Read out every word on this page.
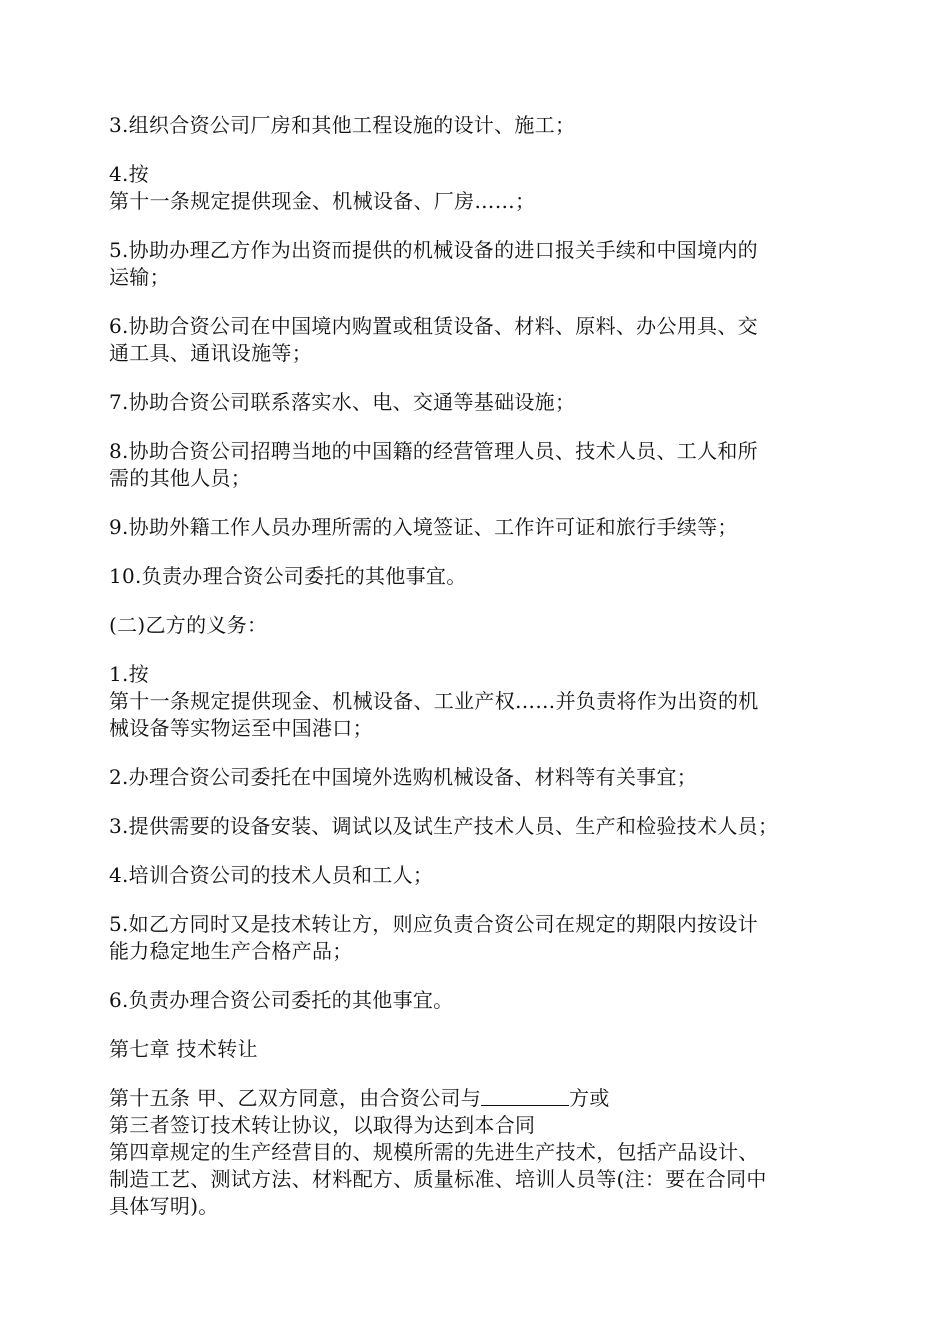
3.组织合资公司厂房和其他工程设施的设计、施工；

4.按
第十一条规定提供现金、机械设备、厂房……；

5.协助办理乙方作为出资而提供的机械设备的进口报关手续和中国境内的
运输；

6.协助合资公司在中国境内购置或租赁设备、材料、原料、办公用具、交
通工具、通讯设施等；

7.协助合资公司联系落实水、电、交通等基础设施；

8.协助合资公司招聘当地的中国籍的经营管理人员、技术人员、工人和所
需的其他人员；

9.协助外籍工作人员办理所需的入境签证、工作许可证和旅行手续等；

10.负责办理合资公司委托的其他事宜。

(二)乙方的义务：

1.按
第十一条规定提供现金、机械设备、工业产权……并负责将作为出资的机
械设备等实物运至中国港口；

2.办理合资公司委托在中国境外选购机械设备、材料等有关事宜；

3.提供需要的设备安装、调试以及试生产技术人员、生产和检验技术人员；

4.培训合资公司的技术人员和工人；

5.如乙方同时又是技术转让方，则应负责合资公司在规定的期限内按设计
能力稳定地生产合格产品；

6.负责办理合资公司委托的其他事宜。

第七章 技术转让

第十五条 甲、乙双方同意，由合资公司与	方或
第三者签订技术转让协议，以取得为达到本合同
第四章规定的生产经营目的、规模所需的先进生产技术，包括产品设计、
制造工艺、测试方法、材料配方、质量标准、培训人员等(注：要在合同中
具体写明)。
